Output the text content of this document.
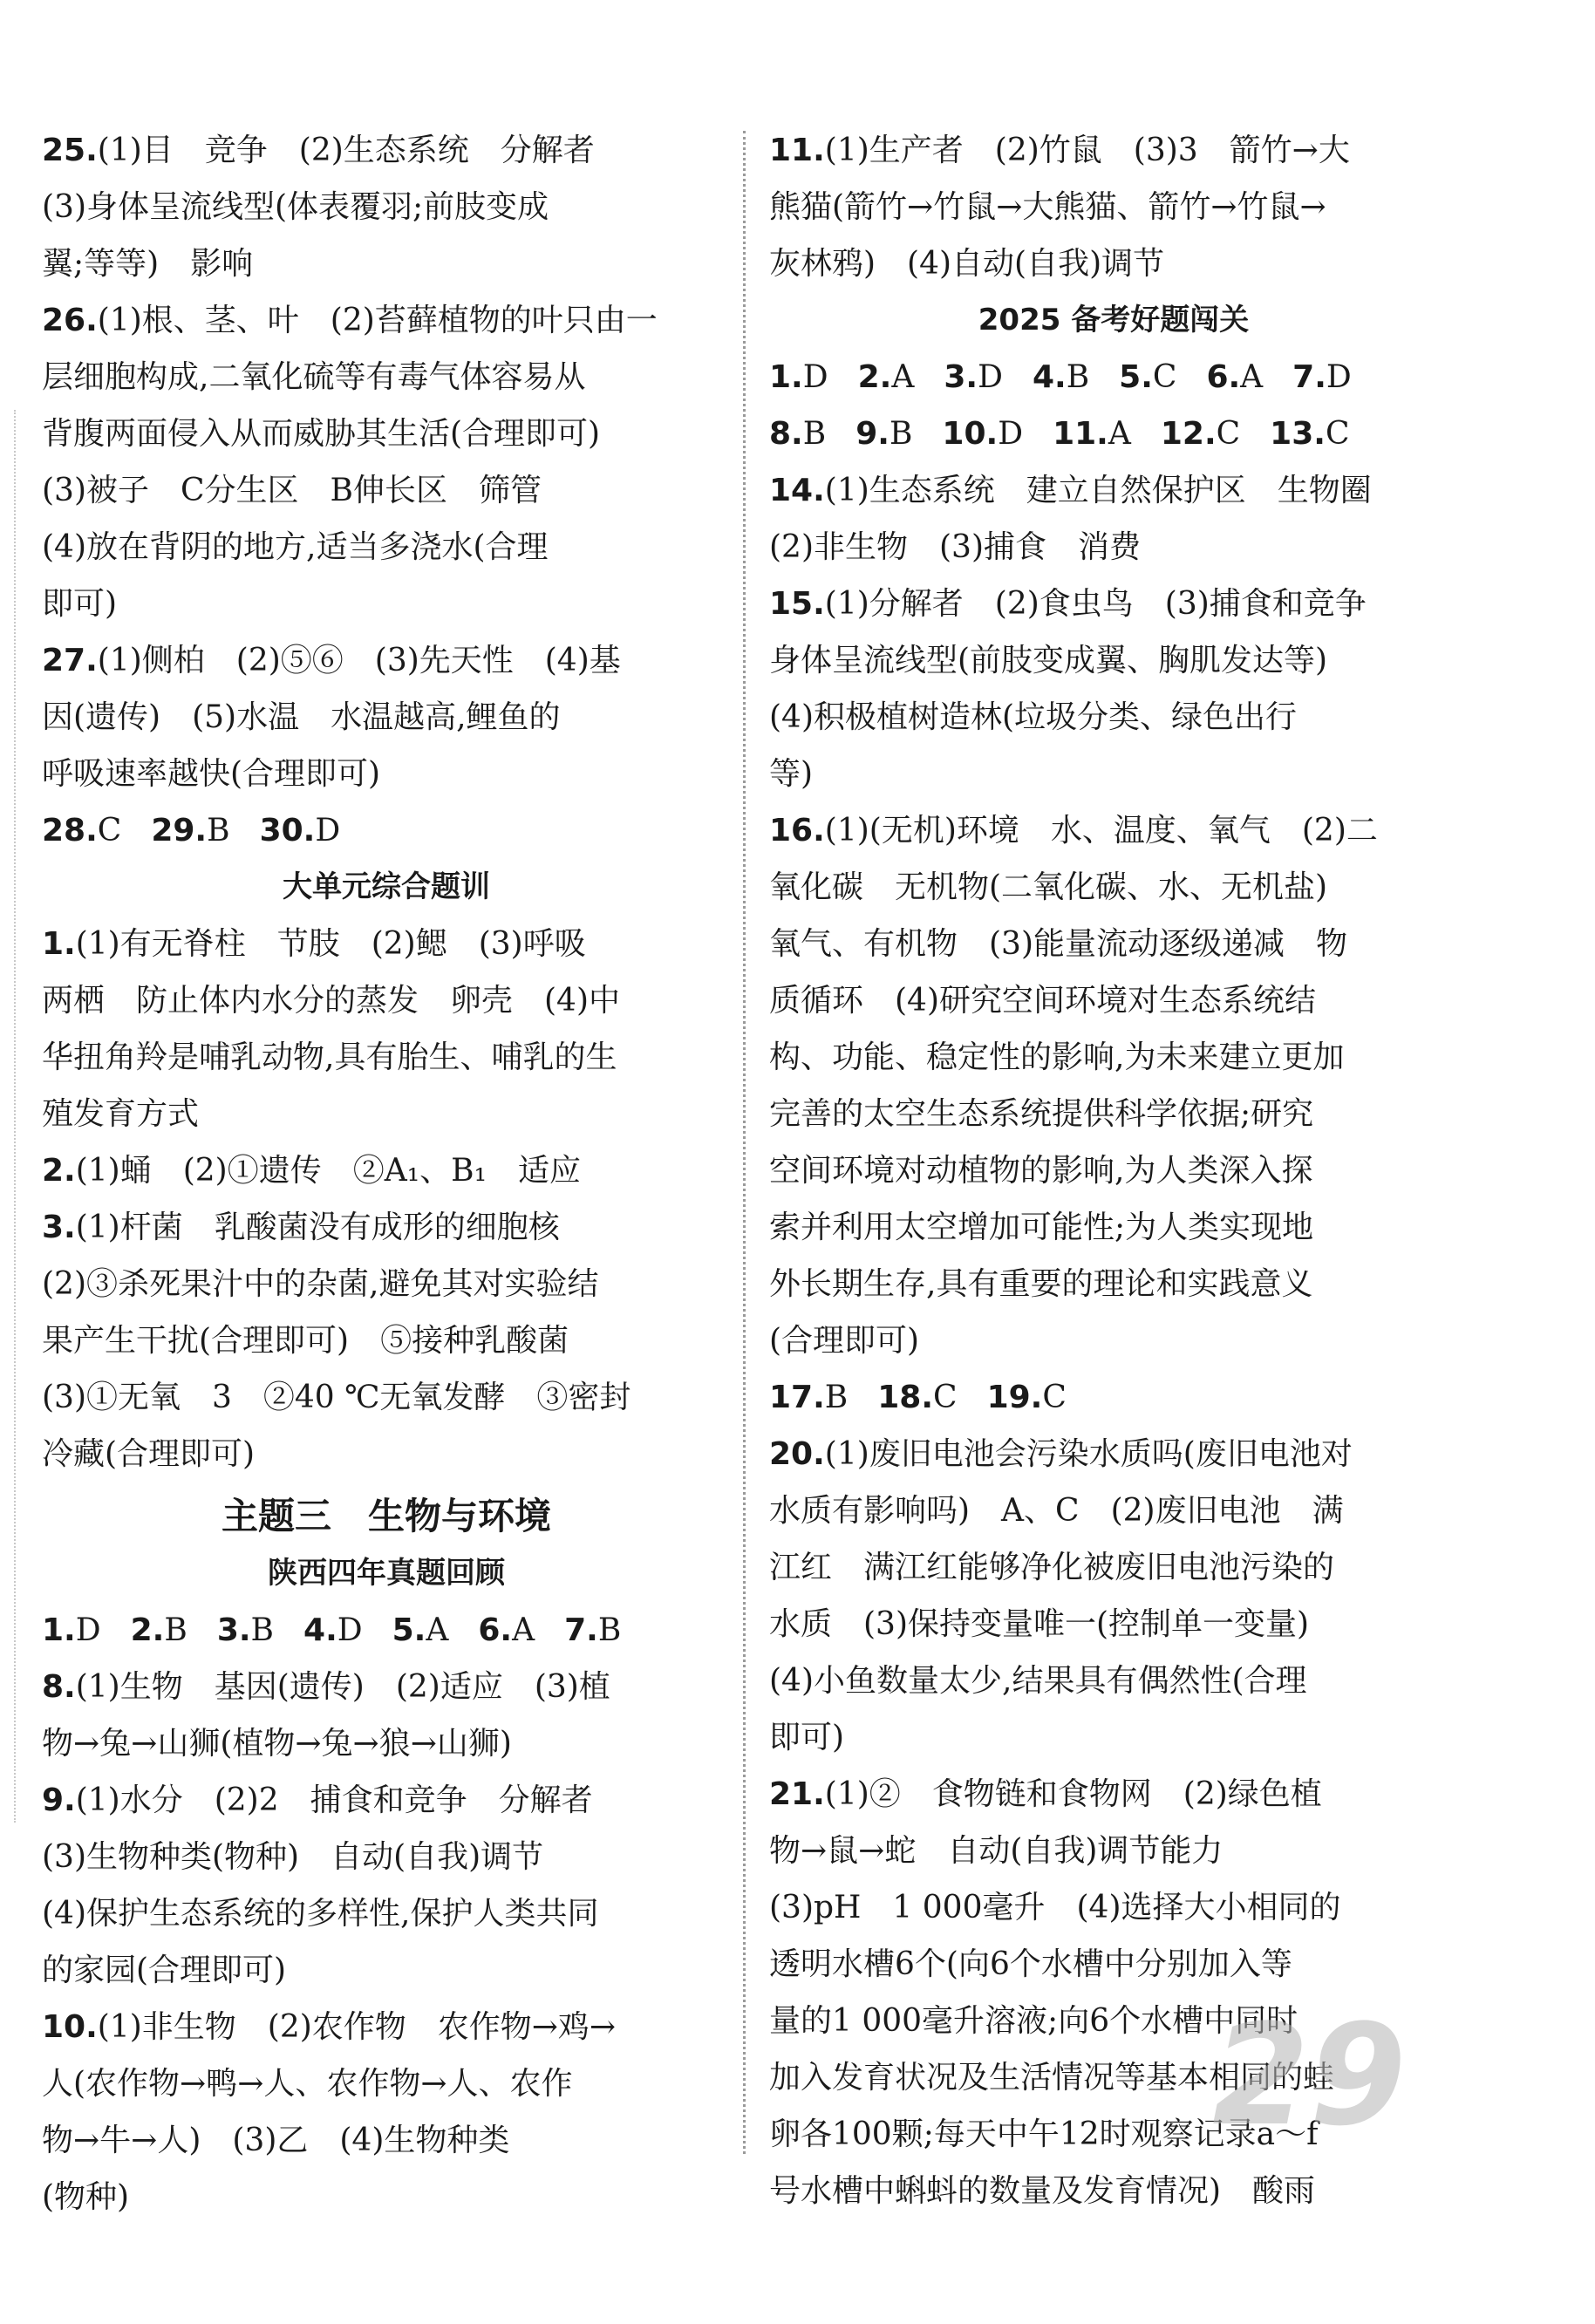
25.(1)目　竞争　(2)生态系统　分解者
(3)身体呈流线型(体表覆羽;前肢变成
翼;等等)　影响
26.(1)根、茎、叶　(2)苔藓植物的叶只由一
层细胞构成,二氧化硫等有毒气体容易从
背腹两面侵入从而威胁其生活(合理即可)
(3)被子　C分生区　B伸长区　筛管
(4)放在背阴的地方,适当多浇水(合理
即可)
27.(1)侧柏　(2)⑤⑥　(3)先天性　(4)基
因(遗传)　(5)水温　水温越高,鲤鱼的
呼吸速率越快(合理即可)
28.C 29.B 30.D
大单元综合题训
1.(1)有无脊柱　节肢　(2)鳃　(3)呼吸
两栖　防止体内水分的蒸发　卵壳　(4)中
华扭角羚是哺乳动物,具有胎生、哺乳的生
殖发育方式
2.(1)蛹　(2)①遗传　②A₁、B₁　适应
3.(1)杆菌　乳酸菌没有成形的细胞核
(2)③杀死果汁中的杂菌,避免其对实验结
果产生干扰(合理即可)　⑤接种乳酸菌
(3)①无氧　3　②40 ℃无氧发酵　③密封
冷藏(合理即可)
主题三　生物与环境
陕西四年真题回顾
1.D 2.B 3.B 4.D 5.A 6.A 7.B
8.(1)生物　基因(遗传)　(2)适应　(3)植
物→兔→山狮(植物→兔→狼→山狮)
9.(1)水分　(2)2　捕食和竞争　分解者
(3)生物种类(物种)　自动(自我)调节
(4)保护生态系统的多样性,保护人类共同
的家园(合理即可)
10.(1)非生物　(2)农作物　农作物→鸡→
人(农作物→鸭→人、农作物→人、农作
物→牛→人)　(3)乙　(4)生物种类
(物种)
11.(1)生产者　(2)竹鼠　(3)3　箭竹→大
熊猫(箭竹→竹鼠→大熊猫、箭竹→竹鼠→
灰林鸦)　(4)自动(自我)调节
2025 备考好题闯关
1.D 2.A 3.D 4.B 5.C 6.A 7.D
8.B 9.B 10.D 11.A 12.C 13.C
14.(1)生态系统　建立自然保护区　生物圈
(2)非生物　(3)捕食　消费
15.(1)分解者　(2)食虫鸟　(3)捕食和竞争
身体呈流线型(前肢变成翼、胸肌发达等)
(4)积极植树造林(垃圾分类、绿色出行
等)
16.(1)(无机)环境　水、温度、氧气　(2)二
氧化碳　无机物(二氧化碳、水、无机盐)
氧气、有机物　(3)能量流动逐级递减　物
质循环　(4)研究空间环境对生态系统结
构、功能、稳定性的影响,为未来建立更加
完善的太空生态系统提供科学依据;研究
空间环境对动植物的影响,为人类深入探
索并利用太空增加可能性;为人类实现地
外长期生存,具有重要的理论和实践意义
(合理即可)
17.B 18.C 19.C
20.(1)废旧电池会污染水质吗(废旧电池对
水质有影响吗)　A、C　(2)废旧电池　满
江红　满江红能够净化被废旧电池污染的
水质　(3)保持变量唯一(控制单一变量)
(4)小鱼数量太少,结果具有偶然性(合理
即可)
21.(1)②　食物链和食物网　(2)绿色植
物→鼠→蛇　自动(自我)调节能力
(3)pH　1 000毫升　(4)选择大小相同的
透明水槽6个(向6个水槽中分别加入等
量的1 000毫升溶液;向6个水槽中同时
加入发育状况及生活情况等基本相同的蛙
卵各100颗;每天中午12时观察记录a～f
号水槽中蝌蚪的数量及发育情况)　酸雨
29
